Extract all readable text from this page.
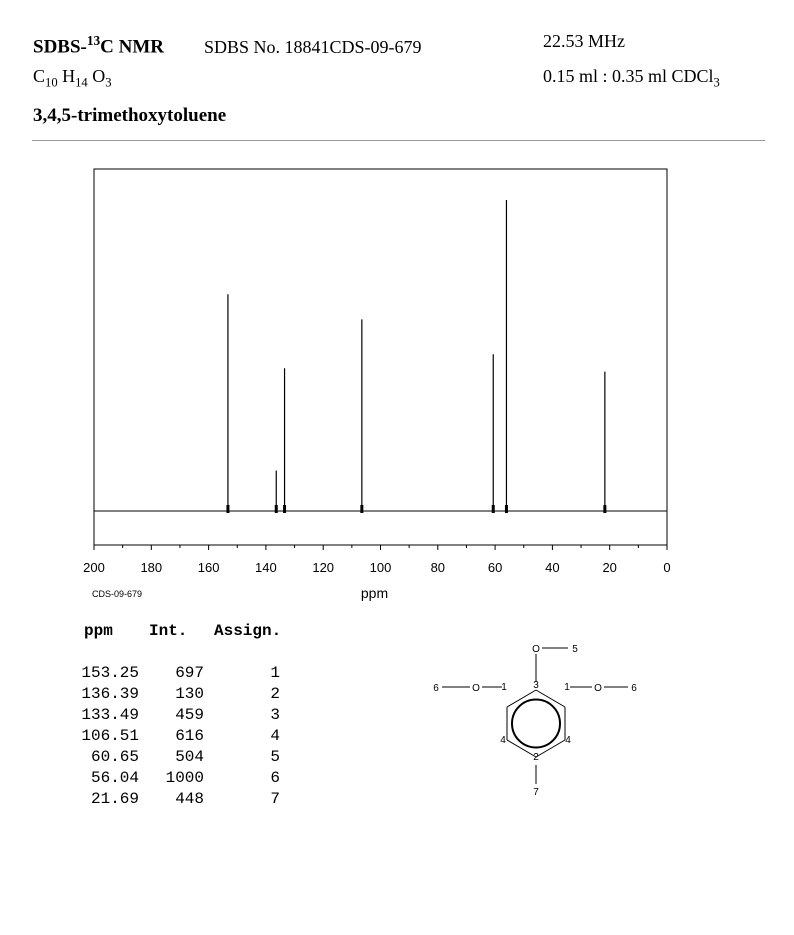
SDBS-$^{13}$C NMR SDBS No. 18841CDS-09-679	22.53 MHz
$C_{10}$ $H_{14}$ $O_3$	0.15 ml : 0.35 ml CDCl$_3$
3,4,5-trimethoxytoluene
200	180	160	140	120	100	80	60	40	20	0
ppm
CDS-09-679
ppm Int. Assign.
153.25	697	1
136.39	130	2
133.49	459	3
106.51	616	4
60.65	504	5
56.04	1000	6
21.69	448	7
3
1	1
4	4
2
O
O	O
5
6	6
7
